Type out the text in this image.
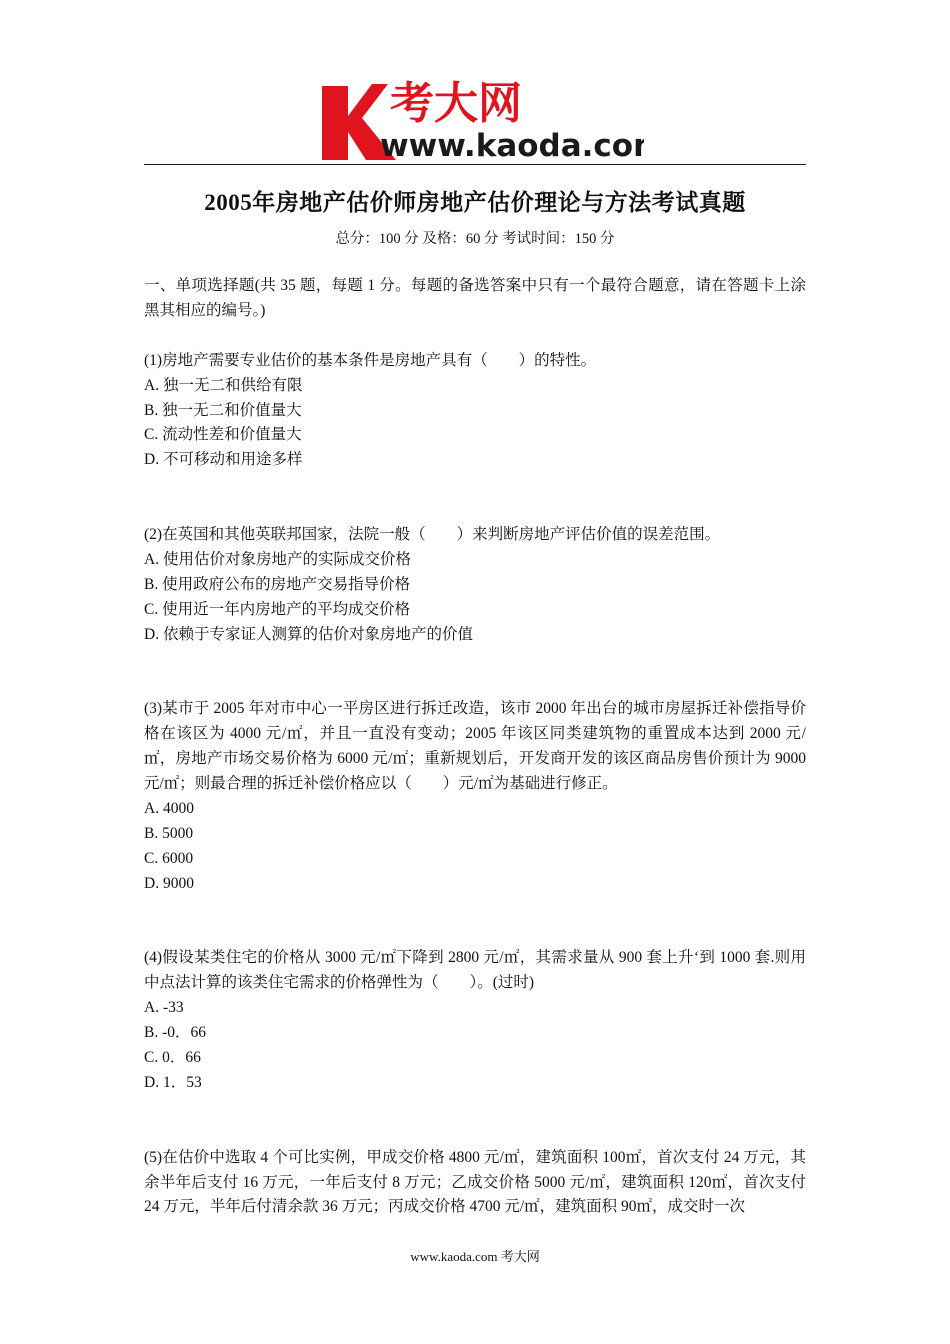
考大网
www.kaoda.com
2005年房地产估价师房地产估价理论与方法考试真题
总分：100 分 及格：60 分 考试时间：150 分

一、单项选择题(共 35 题，每题 1 分。每题的备选答案中只有一个最符合题意，请在答题卡上涂黑其相应的编号。)

(1)房地产需要专业估价的基本条件是房地产具有（　　）的特性。

A. 独一无二和供给有限

B. 独一无二和价值量大

C. 流动性差和价值量大

D. 不可移动和用途多样

(2)在英国和其他英联邦国家，法院一般（　　）来判断房地产评估价值的误差范围。

A. 使用估价对象房地产的实际成交价格

B. 使用政府公布的房地产交易指导价格

C. 使用近一年内房地产的平均成交价格

D. 依赖于专家证人测算的估价对象房地产的价值

(3)某市于 2005 年对市中心一平房区进行拆迁改造，该市 2000 年出台的城市房屋拆迁补偿指导价格在该区为 4000 元/㎡，并且一直没有变动；2005 年该区同类建筑物的重置成本达到 2000 元/㎡，房地产市场交易价格为 6000 元/㎡；重新规划后，开发商开发的该区商品房售价预计为 9000 元/㎡；则最合理的拆迁补偿价格应以（　　）元/㎡为基础进行修正。

A. 4000

B. 5000

C. 6000

D. 9000

(4)假设某类住宅的价格从 3000 元/㎡下降到 2800 元/㎡，其需求量从 900 套上升‘到 1000 套.则用中点法计算的该类住宅需求的价格弹性为（　　）。(过时)

A. -33

B. -0．66

C. 0．66

D. 1．53

(5)在估价中选取 4 个可比实例，甲成交价格 4800 元/㎡，建筑面积 100㎡，首次支付 24 万元，其余半年后支付 16 万元，一年后支付 8 万元；乙成交价格 5000 元/㎡，建筑面积 120㎡，首次支付 24 万元，半年后付清余款 36 万元；丙成交价格 4700 元/㎡，建筑面积 90㎡，成交时一次

www.kaoda.com 考大网
